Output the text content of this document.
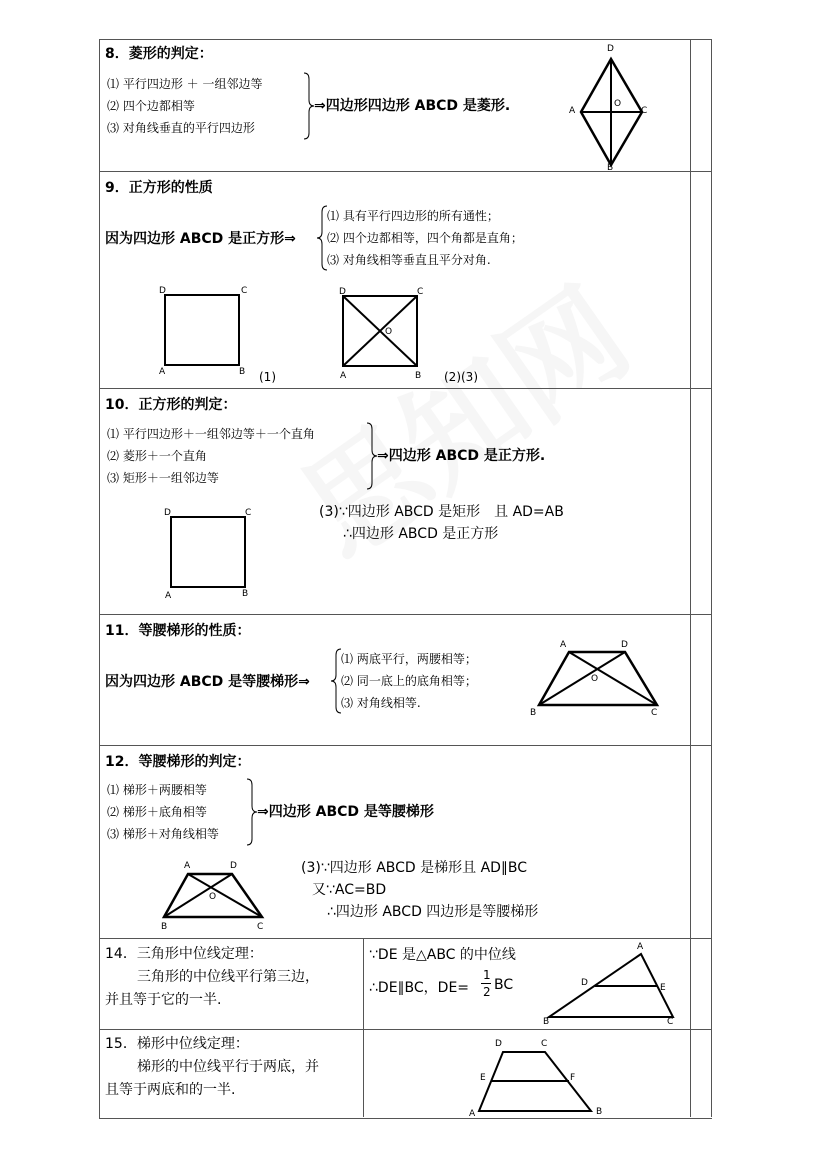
8．菱形的判定：
⑴ 平行四边形 ＋ 一组邻边等
⑵ 四个边都相等
⑶ 对角线垂直的平行四边形
⇒四边形四边形 ABCD 是菱形.
D
A	C
O
B
9．正方形的性质
因为四边形 ABCD 是正方形⇒
⑴ 具有平行四边形的所有通性；
⑵ 四个边都相等，四个角都是直角；
⑶ 对角线相等垂直且平分对角.
D	C
A	B (1)
D	C
O
A	B (2)(3)
10．正方形的判定：
⑴ 平行四边形＋一组邻边等＋一个直角
⑵ 菱形＋一个直角
⑶ 矩形＋一组邻边等
⇒四边形 ABCD 是正方形.
(3)∵四边形 ABCD 是矩形　且 AD=AB
∴四边形 ABCD 是正方形
D	C
A	B
11．等腰梯形的性质：
因为四边形 ABCD 是等腰梯形⇒
⑴ 两底平行，两腰相等；
⑵ 同一底上的底角相等；
⑶ 对角线相等.
A	D
O
B	C
12．等腰梯形的判定：
⑴ 梯形＋两腰相等
⑵ 梯形＋底角相等
⑶ 梯形＋对角线相等
⇒四边形 ABCD 是等腰梯形
(3)∵四边形 ABCD 是梯形且 AD∥BC
又∵AC=BD
∴四边形 ABCD 四边形是等腰梯形
A	D
O
B	C
14．三角形中位线定理：
三角形的中位线平行第三边，
并且等于它的一半.
∵DE 是△ABC 的中位线
∴DE∥BC，DE=
1
2 BC
A
D	E
B	C
15．梯形中位线定理：
梯形的中位线平行于两底，并
且等于两底和的一半.
D	C
E	F
A	B
